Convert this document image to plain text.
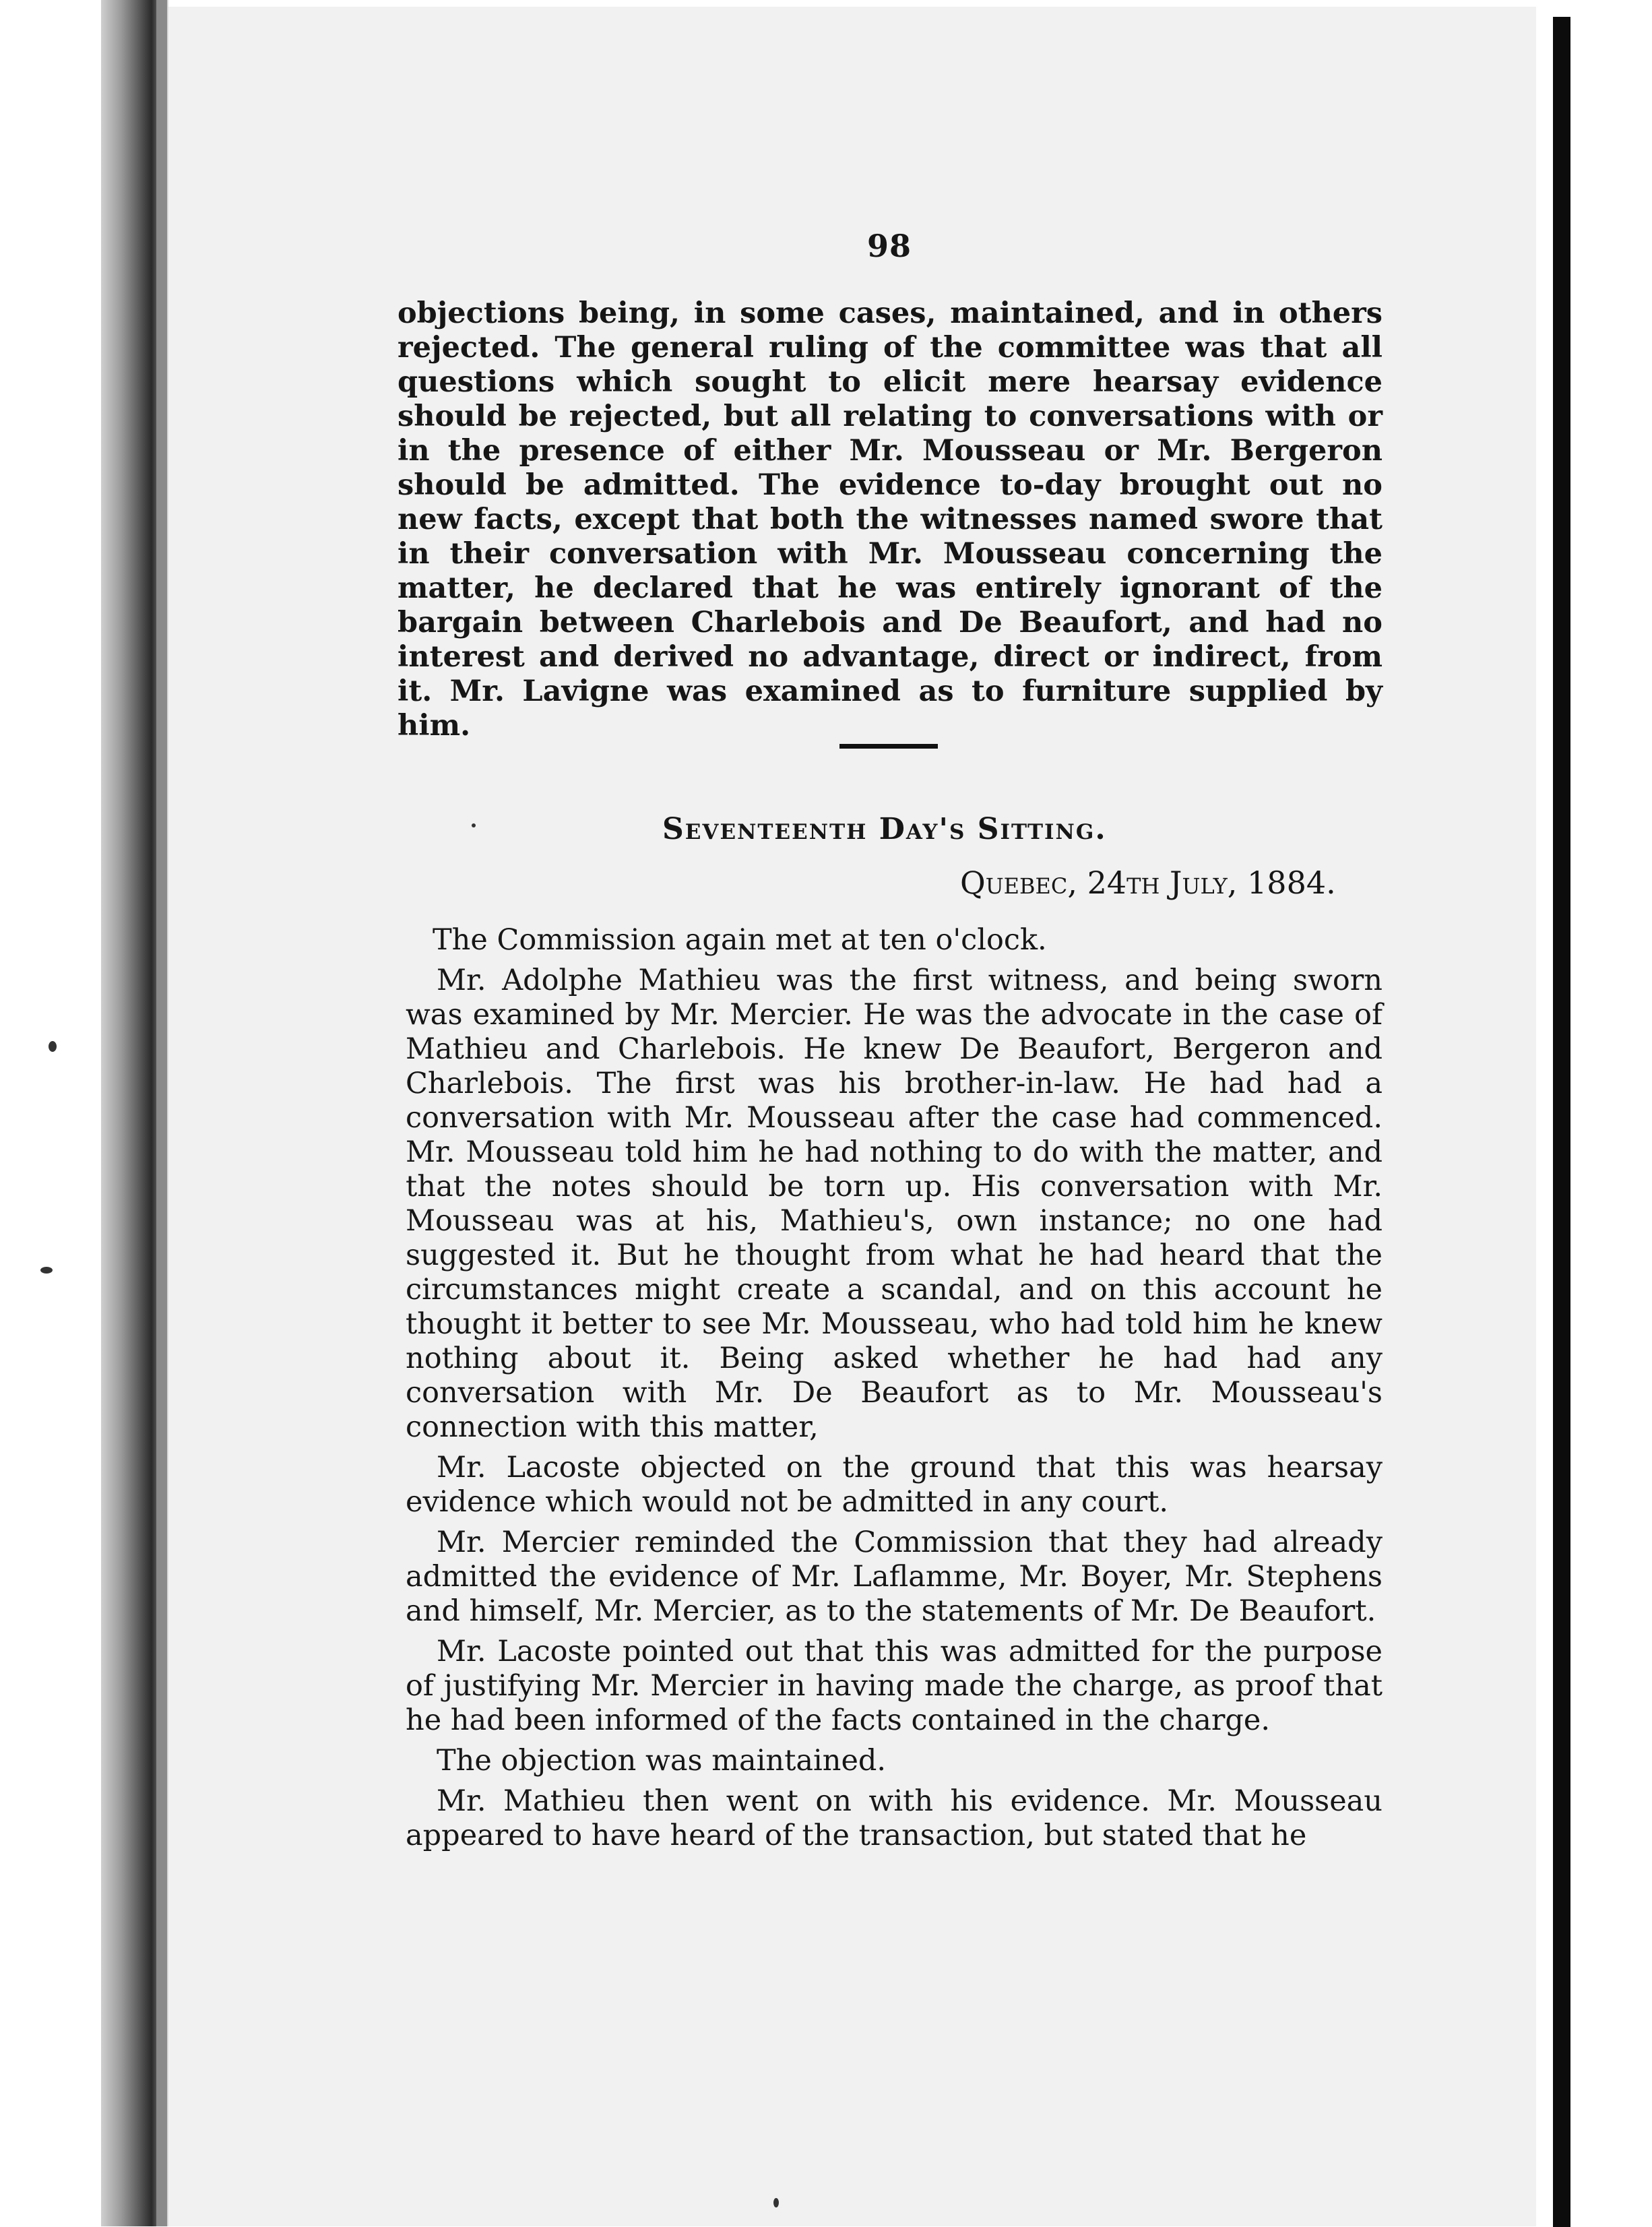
98

objections being, in some cases, maintained, and in others rejected. The general ruling of the committee was that all questions which sought to elicit mere hearsay evidence should be rejected, but all relating to conversations with or in the presence of either Mr. Mousseau or Mr. Bergeron should be admitted. The evidence to-day brought out no new facts, except that both the witnesses named swore that in their conversation with Mr. Mousseau concerning the matter, he declared that he was entirely ignorant of the bargain between Charlebois and De Beaufort, and had no interest and derived no advantage, direct or indirect, from it. Mr. Lavigne was examined as to furniture supplied by him.

Seventeenth Day's Sitting.
Quebec, 24th July, 1884.

The Commission again met at ten o'clock.

Mr. Adolphe Mathieu was the first witness, and being sworn was examined by Mr. Mercier. He was the advocate in the case of Mathieu and Charlebois. He knew De Beaufort, Bergeron and Charlebois. The first was his brother-in-law. He had had a conversation with Mr. Mousseau after the case had commenced. Mr. Mousseau told him he had nothing to do with the matter, and that the notes should be torn up. His conversation with Mr. Mousseau was at his, Mathieu's, own instance; no one had suggested it. But he thought from what he had heard that the circumstances might create a scandal, and on this account he thought it better to see Mr. Mousseau, who had told him he knew nothing about it. Being asked whether he had had any conversation with Mr. De Beaufort as to Mr. Mousseau's connection with this matter,

Mr. Lacoste objected on the ground that this was hearsay evidence which would not be admitted in any court.

Mr. Mercier reminded the Commission that they had already admitted the evidence of Mr. Laflamme, Mr. Boyer, Mr. Stephens and himself, Mr. Mercier, as to the statements of Mr. De Beaufort.

Mr. Lacoste pointed out that this was admitted for the purpose of justifying Mr. Mercier in having made the charge, as proof that he had been informed of the facts contained in the charge.

The objection was maintained.

Mr. Mathieu then went on with his evidence. Mr. Mousseau appeared to have heard of the transaction, but stated that he
